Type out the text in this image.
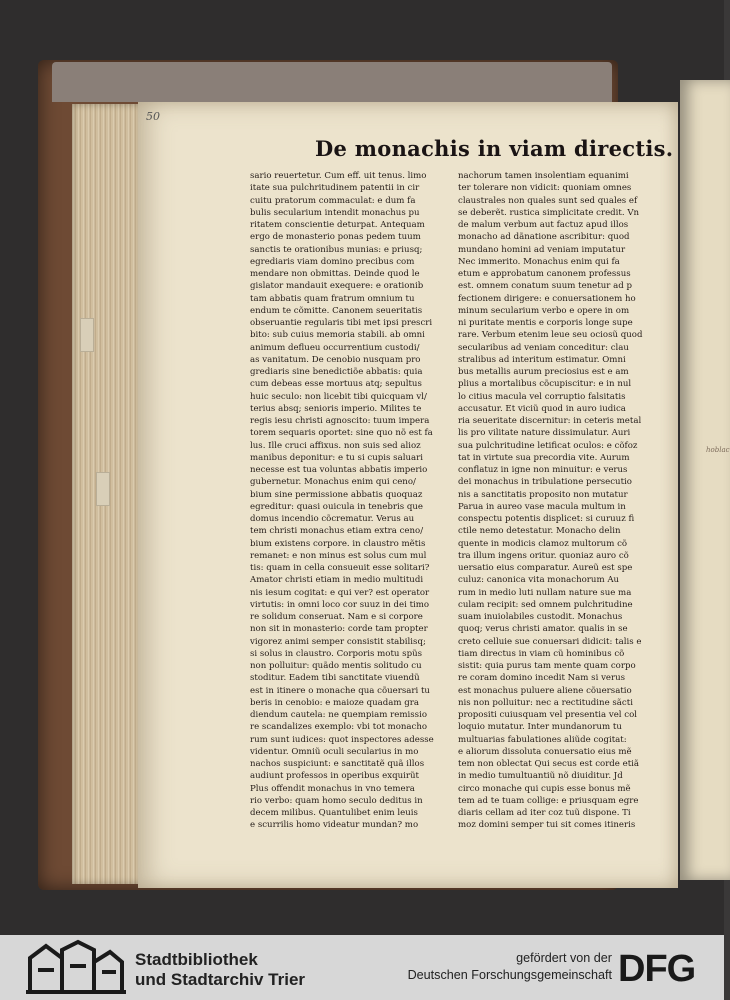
50
De monachis in viam directis.
sario reuertetur. Cum eff. uit tenus. limo
itate sua pulchritudinem patentii in cir
cuitu pratorum commaculat: e dum fa
bulis secularium intendit monachus pu
ritatem conscientie deturpat. Antequam
ergo de monasterio ponas pedem tuum
sanctis te orationibus munias: e priusq;
egrediaris viam domino precibus com
mendare non obmittas. Deinde quod le
gislator mandauit exequere: e orationib
tam abbatis quam fratrum omnium tu
endum te cõmitte. Canonem seueritatis
obseruantie regularis tibi met ipsi prescri
bito: sub cuius memoria stabili. ab omni
animum deflueu occurrentium custodi/
as vanitatum. De cenobio nusquam pro
grediaris sine benedictiõe abbatis: quia
cum debeas esse mortuus atq; sepultus
huic seculo: non licebit tibi quicquam vl/
terius absq; senioris imperio. Milites te
regis iesu christi agnoscito: tuum impera
torem sequaris oportet: sine quo nõ est fa
lus. Ille cruci affixus. non suis sed alioz
manibus deponitur: e tu si cupis saluari
necesse est tua voluntas abbatis imperio
gubernetur. Monachus enim qui ceno/
bium sine permissione abbatis quoquaz
egreditur: quasi ouicula in tenebris que
domus incendio cõcrematur. Verus au
tem christi monachus etiam extra ceno/
bium existens corpore. in claustro mẽtis
remanet: e non minus est solus cum mul
tis: quam in cella consueuit esse solitari?
Amator christi etiam in medio multitudi
nis iesum cogitat: e qui ver? est operator
virtutis: in omni loco cor suuz in dei timo
re solidum conseruat. Nam e si corpore
non sit in monasterio: corde tam propter
vigorez animi semper consistit stabilisq;
si solus in claustro. Corporis motu spũs
non polluitur: quãdo mentis solitudo cu
stoditur. Eadem tibi sanctitate viuendũ
est in itinere o monache qua cõuersari tu
beris in cenobio: e maioze quadam gra
diendum cautela: ne quempiam remissio
re scandalizes exemplo: vbi tot monacho
rum sunt iudices: quot inspectores adesse
videntur. Omniũ oculi secularius in mo
nachos suspiciunt: e sanctitatẽ quã illos
audiunt professos in operibus exquirũt
Plus offendit monachus in vno temera
rio verbo: quam homo seculo deditus in
decem milibus. Quantulibet enim leuis
e scurrilis homo videatur mundan? mo
nachorum tamen insolentiam equanimi
ter tolerare non vidicit: quoniam omnes
claustrales non quales sunt sed quales ef
se deberẽt. rustica simplicitate credit. Vn
de malum verbum aut factuz apud illos
monacho ad dãnatione ascribitur: quod
mundano homini ad veniam imputatur
Nec immerito. Monachus enim qui fa
etum e approbatum canonem professus
est. omnem conatum suum tenetur ad p
fectionem dirigere: e conuersationem ho
minum secularium verbo e opere in om
ni puritate mentis e corporis longe supe
rare. Verbum etenim leue seu ociosũ quod
secularibus ad veniam conceditur: clau
stralibus ad interitum estimatur. Omni
bus metallis aurum preciosius est e am
plius a mortalibus cõcupiscitur: e in nul
lo citius macula vel corruptio falsitatis
accusatur. Et viciũ quod in auro iudica
ria seueritate discernitur: in ceteris metal
lis pro vilitate nature dissimulatur. Auri
sua pulchritudine letificat oculos: e cõfoz
tat in virtute sua precordia vite. Aurum
conflatuz in igne non minuitur: e verus
dei monachus in tribulatione persecutio
nis a sanctitatis proposito non mutatur
Parua in aureo vase macula multum in
conspectu potentis displicet: si curuuz fi
ctile nemo detestatur. Monacho delin
quente in modicis clamoz multorum cõ
tra illum ingens oritur. quoniaz auro cõ
uersatio eius comparatur. Aureũ est spe
culuz: canonica vita monachorum Au
rum in medio luti nullam nature sue ma
culam recipit: sed omnem pulchritudine
suam inuiolabiles custodit. Monachus
quoq; verus christi amator. qualis in se
creto celluie sue conuersari didicit: talis e
tiam directus in viam cũ hominibus cõ
sistit: quia purus tam mente quam corpo
re coram domino incedit Nam si verus
est monachus puluere aliene cõuersatio
nis non polluitur: nec a rectitudine sãcti
propositi cuiusquam vel presentia vel col
loquio mutatur. Inter mundanorum tu
multuarias fabulationes aliũde cogitat:
e aliorum dissoluta conuersatio eius mẽ
tem non oblectat Qui secus est corde etiã
in medio tumultuantiũ nõ diuiditur. Jd
circo monache qui cupis esse bonus mẽ
tem ad te tuam collige: e priusquam egre
diaris cellam ad iter coz tuũ dispone. Ti
moz domini semper tui sit comes itineris
hoblac
Stadtbibliothek
und Stadtarchiv Trier
gefördert von der
Deutschen Forschungsgemeinschaft DFG
